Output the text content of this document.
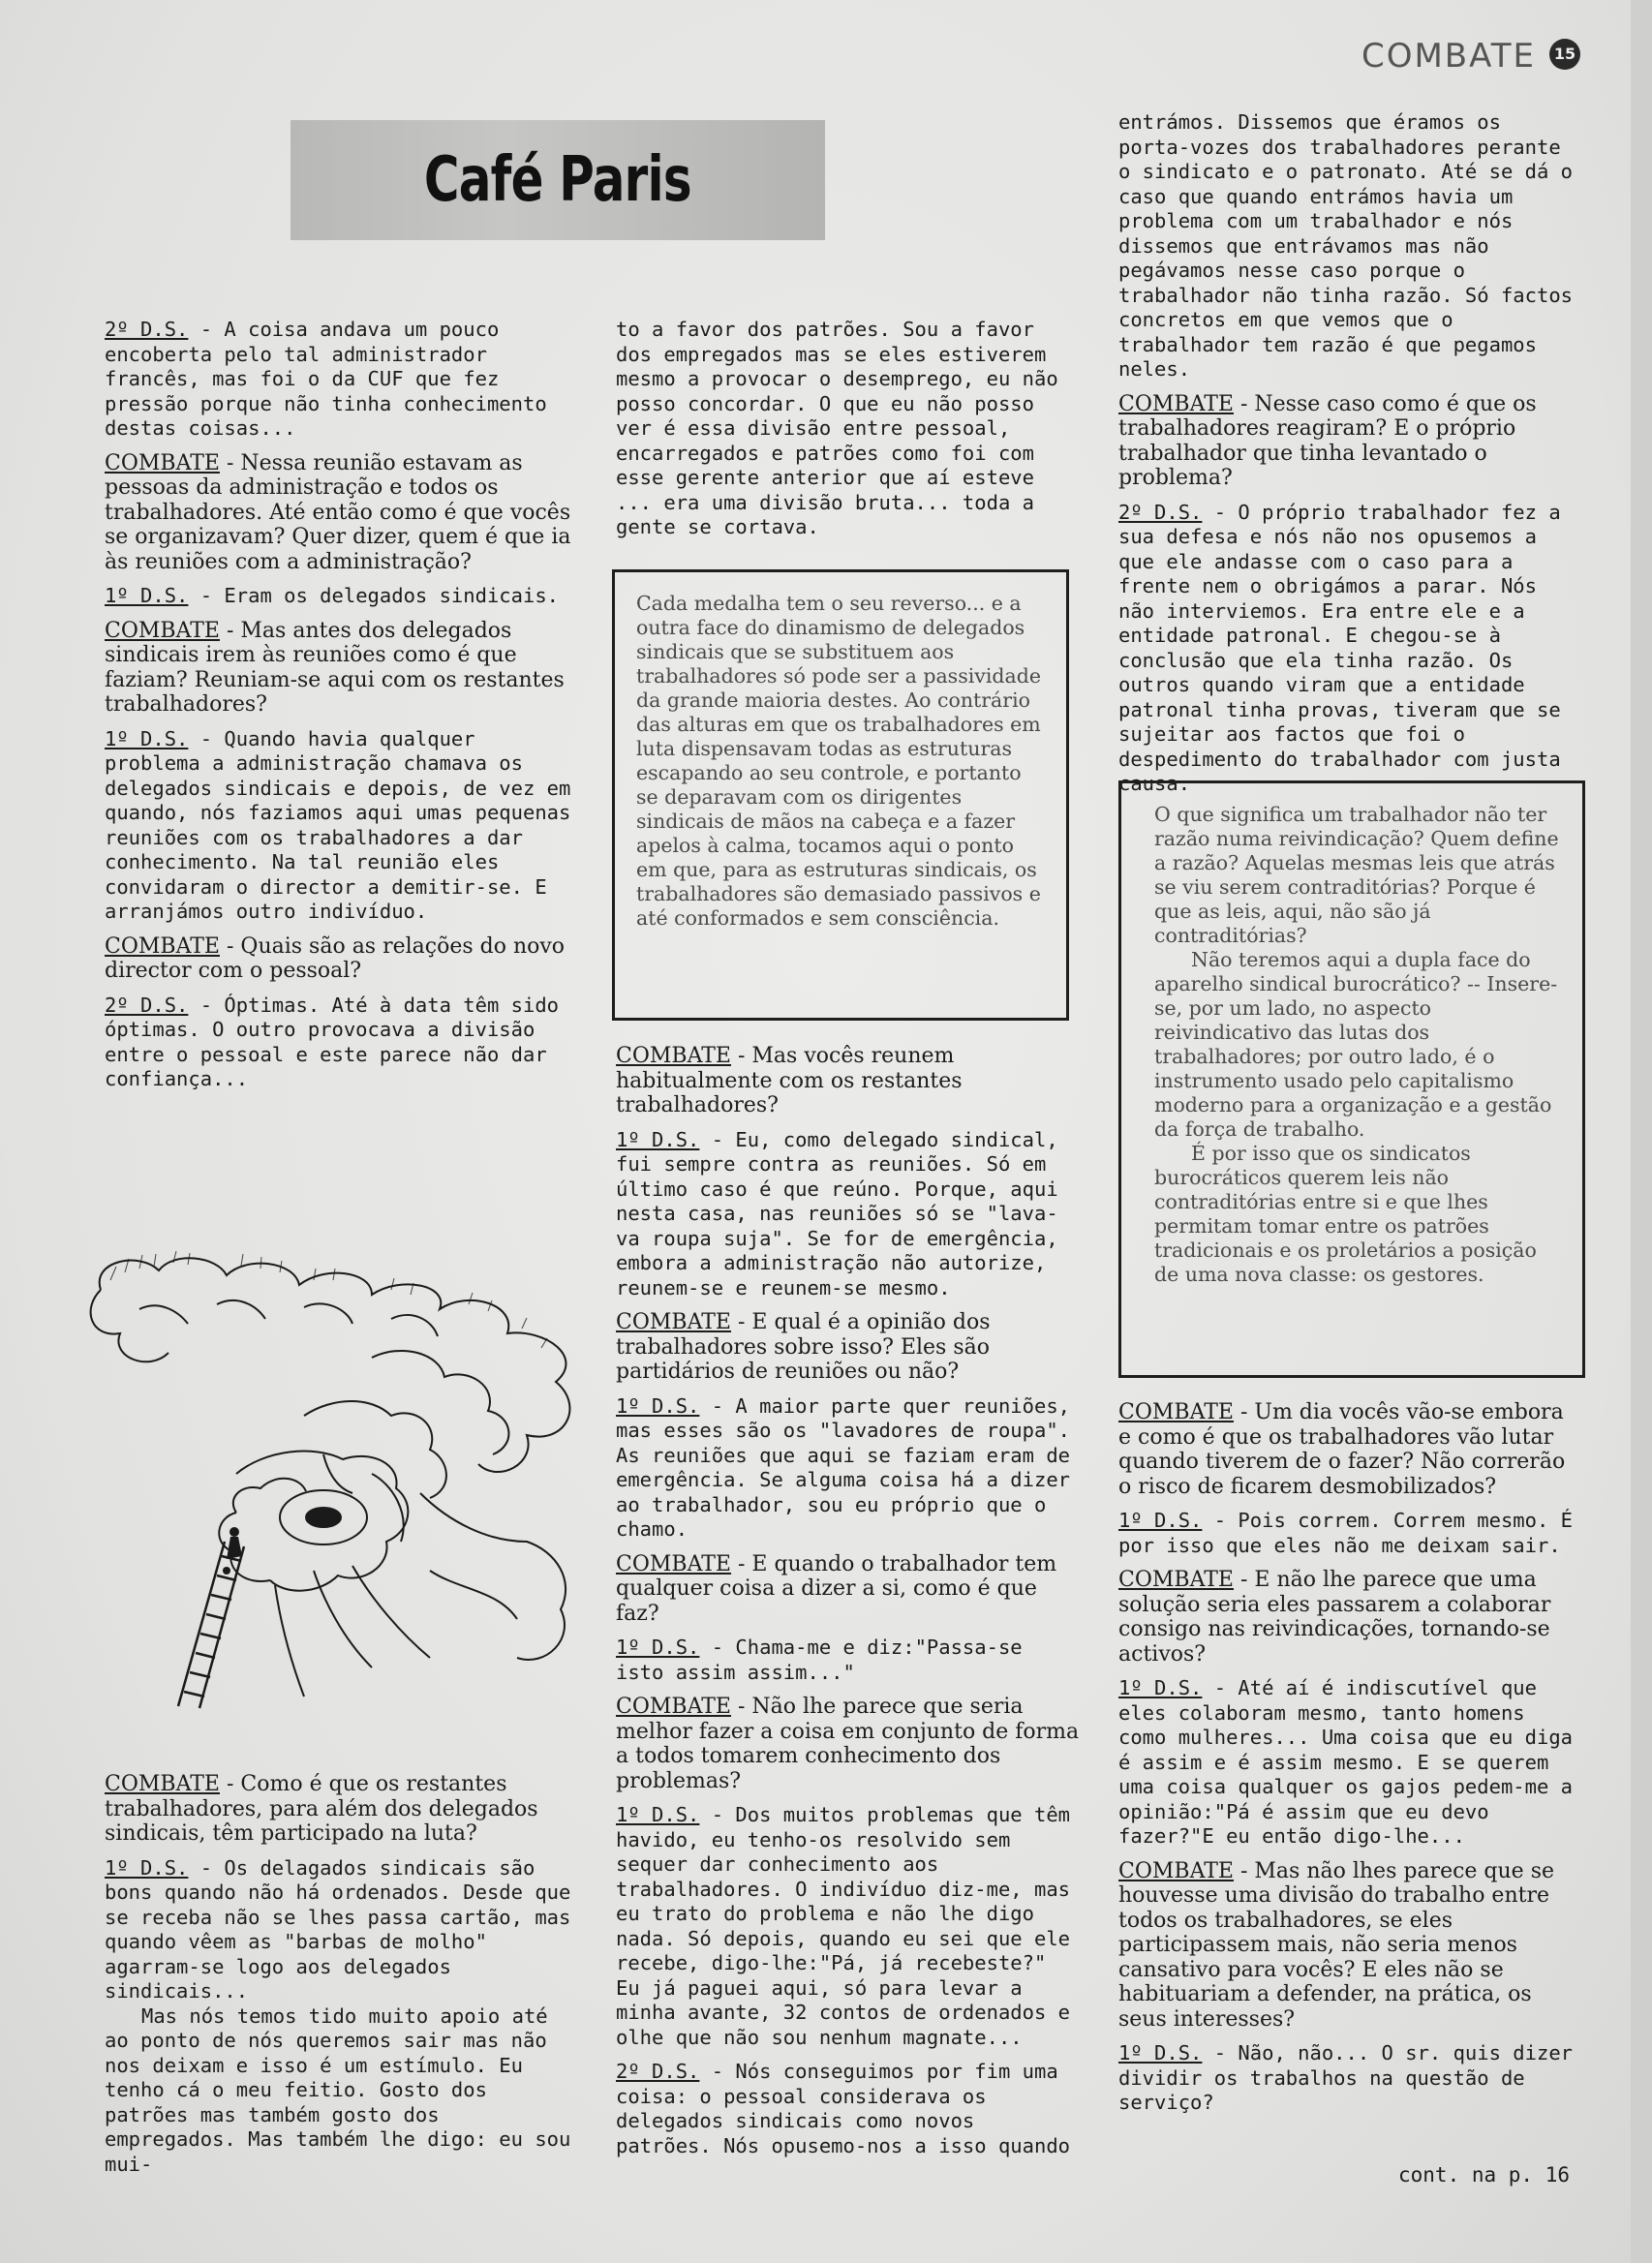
COMBATE	15
Café Paris

2º D.S. - A coisa andava um pouco encoberta pelo tal administrador francês, mas foi o da CUF que fez pressão porque não tinha conhecimento destas coisas...

COMBATE - Nessa reunião estavam as pessoas da administração e todos os trabalhadores. Até então como é que vocês se organizavam? Quer dizer, quem é que ia às reuniões com a administração?

1º D.S. - Eram os delegados sindicais.

COMBATE - Mas antes dos delegados sindicais irem às reuniões como é que faziam? Reuniam-se aqui com os restantes trabalhadores?

1º D.S. - Quando havia qualquer problema a administração chamava os delegados sindicais e depois, de vez em quando, nós faziamos aqui umas pequenas reuniões com os trabalhadores a dar conhecimento. Na tal reunião eles convidaram o director a demitir-se. E arranjámos outro indivíduo.

COMBATE - Quais são as relações do novo director com o pessoal?

2º D.S. - Óptimas. Até à data têm sido óptimas. O outro provocava a divisão entre o pessoal e este parece não dar confiança...

COMBATE - Como é que os restantes trabalhadores, para além dos delegados sindicais, têm participado na luta?

1º D.S. - Os delagados sindicais são bons quando não há ordenados. Desde que se receba não se lhes passa cartão, mas quando vêem as "barbas de molho" agarram-se logo aos delegados sindicais...

Mas nós temos tido muito apoio até ao ponto de nós queremos sair mas não nos deixam e isso é um estímulo. Eu tenho cá o meu feitio. Gosto dos patrões mas também gosto dos empregados. Mas também lhe digo: eu sou mui-

to a favor dos patrões. Sou a favor dos empregados mas se eles estiverem mesmo a provocar o desemprego, eu não posso concordar. O que eu não posso ver é essa divisão entre pessoal, encarregados e patrões como foi com esse gerente anterior que aí esteve ... era uma divisão bruta... toda a gente se cortava.

Cada medalha tem o seu reverso... e a outra face do dinamismo de delegados sindicais que se substituem aos trabalhadores só pode ser a passividade da grande maioria destes. Ao contrário das alturas em que os trabalhadores em luta dispensavam todas as estruturas escapando ao seu controle, e portanto se deparavam com os dirigentes sindicais de mãos na cabeça e a fazer apelos à calma, tocamos aqui o ponto em que, para as estruturas sindicais, os trabalhadores são demasiado passivos e até conformados e sem consciência.

COMBATE - Mas vocês reunem habitualmente com os restantes trabalhadores?

1º D.S. - Eu, como delegado sindical, fui sempre contra as reuniões. Só em último caso é que reúno. Porque, aqui nesta casa, nas reuniões só se "lava-va roupa suja". Se for de emergência, embora a administração não autorize, reunem-se e reunem-se mesmo.

COMBATE - E qual é a opinião dos trabalhadores sobre isso? Eles são partidários de reuniões ou não?

1º D.S. - A maior parte quer reuniões, mas esses são os "lavadores de roupa". As reuniões que aqui se faziam eram de emergência. Se alguma coisa há a dizer ao trabalhador, sou eu próprio que o chamo.

COMBATE - E quando o trabalhador tem qualquer coisa a dizer a si, como é que faz?

1º D.S. - Chama-me e diz:"Passa-se isto assim assim..."

COMBATE - Não lhe parece que seria melhor fazer a coisa em conjunto de forma a todos tomarem conhecimento dos problemas?

1º D.S. - Dos muitos problemas que têm havido, eu tenho-os resolvido sem sequer dar conhecimento aos trabalhadores. O indivíduo diz-me, mas eu trato do problema e não lhe digo nada. Só depois, quando eu sei que ele recebe, digo-lhe:"Pá, já recebeste?" Eu já paguei aqui, só para levar a minha avante, 32 contos de ordenados e olhe que não sou nenhum magnate...

2º D.S. - Nós conseguimos por fim uma coisa: o pessoal considerava os delegados sindicais como novos patrões. Nós opusemo-nos a isso quando

entrámos. Dissemos que éramos os porta-vozes dos trabalhadores perante o sindicato e o patronato. Até se dá o caso que quando entrámos havia um problema com um trabalhador e nós dissemos que entrávamos mas não pegávamos nesse caso porque o trabalhador não tinha razão. Só factos concretos em que vemos que o trabalhador tem razão é que pegamos neles.

COMBATE - Nesse caso como é que os trabalhadores reagiram? E o próprio trabalhador que tinha levantado o problema?

2º D.S. - O próprio trabalhador fez a sua defesa e nós não nos opusemos a que ele andasse com o caso para a frente nem o obrigámos a parar. Nós não interviemos. Era entre ele e a entidade patronal. E chegou-se à conclusão que ela tinha razão. Os outros quando viram que a entidade patronal tinha provas, tiveram que se sujeitar aos factos que foi o despedimento do trabalhador com justa causa.

O que significa um trabalhador não ter razão numa reivindicação? Quem define a razão? Aquelas mesmas leis que atrás se viu serem contraditórias? Porque é que as leis, aqui, não são já contraditórias?

Não teremos aqui a dupla face do aparelho sindical burocrático? -- Insere-se, por um lado, no aspecto reivindicativo das lutas dos trabalhadores; por outro lado, é o instrumento usado pelo capitalismo moderno para a organização e a gestão da força de trabalho.

É por isso que os sindicatos burocráticos querem leis não contraditórias entre si e que lhes permitam tomar entre os patrões tradicionais e os proletários a posição de uma nova classe: os gestores.

COMBATE - Um dia vocês vão-se embora e como é que os trabalhadores vão lutar quando tiverem de o fazer? Não correrão o risco de ficarem desmobilizados?

1º D.S. - Pois correm. Correm mesmo. É por isso que eles não me deixam sair.

COMBATE - E não lhe parece que uma solução seria eles passarem a colaborar consigo nas reivindicações, tornando-se activos?

1º D.S. - Até aí é indiscutível que eles colaboram mesmo, tanto homens como mulheres... Uma coisa que eu diga é assim e é assim mesmo. E se querem uma coisa qualquer os gajos pedem-me a opinião:"Pá é assim que eu devo fazer?"E eu então digo-lhe...

COMBATE - Mas não lhes parece que se houvesse uma divisão do trabalho entre todos os trabalhadores, se eles participassem mais, não seria menos cansativo para vocês? E eles não se habituariam a defender, na prática, os seus interesses?

1º D.S. - Não, não... O sr. quis dizer dividir os trabalhos na questão de serviço?

cont. na p. 16
